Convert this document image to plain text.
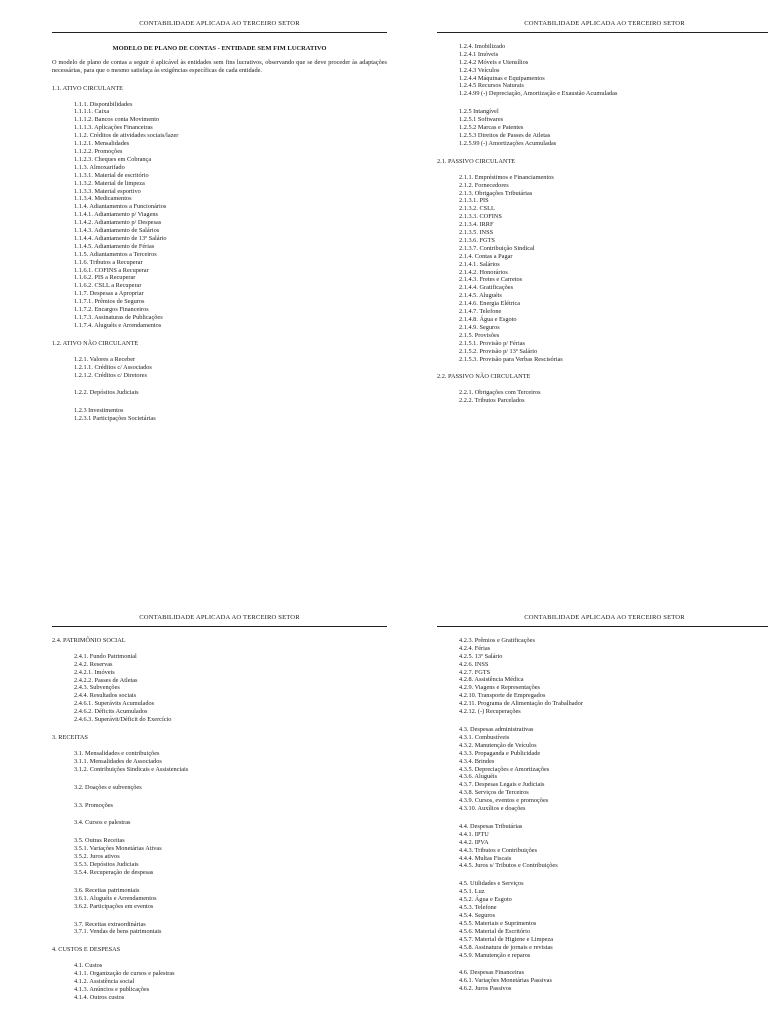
CONTABILIDADE APLICADA AO TERCEIRO SETOR
MODELO DE PLANO DE CONTAS - ENTIDADE SEM FIM LUCRATIVO
O modelo de plano de contas a seguir é aplicável às entidades sem fins lucrativos, observando que se deve proceder às adaptações necessárias, para que o mesmo satisfaça às exigências específicas de cada entidade.
1.1. ATIVO CIRCULANTE
1.1.1. Disponibilidades
1.1.1.1. Caixa
1.1.1.2. Bancos conta Movimento
1.1.1.3. Aplicações Financeiras
1.1.2. Créditos de atividades sociais/lazer
1.1.2.1. Mensalidades
1.1.2.2. Promoções
1.1.2.3. Cheques em Cobrança
1.1.3. Almoxarifado
1.1.3.1. Material de escritório
1.1.3.2. Material de limpeza
1.1.3.3. Material esportivo
1.1.3.4. Medicamentos
1.1.4. Adiantamentos a Funcionários
1.1.4.1. Adiantamento p/ Viagens
1.1.4.2. Adiantamento p/ Despesas
1.1.4.3. Adiantamento de Salários
1.1.4.4. Adiantamento de 13º Salário
1.1.4.5. Adiantamento de Férias
1.1.5. Adiantamentos a Terceiros
1.1.6. Tributos a Recuperar
1.1.6.1. COFINS a Recuperar
1.1.6.2. PIS a Recuperar
1.1.6.2. CSLL a Recuperar
1.1.7. Despesas a Apropriar
1.1.7.1. Prêmios de Seguros
1.1.7.2. Encargos Financeiros
1.1.7.3. Assinaturas de Publicações
1.1.7.4. Aluguéis e Arrendamentos
1.2. ATIVO NÃO CIRCULANTE
1.2.1. Valores a Receber
1.2.1.1. Créditos c/ Associados
1.2.1.2. Créditos c/ Diretores
1.2.2. Depósitos Judiciais
1.2.3 Investimentos
1.2.3.1 Participações Societárias
CONTABILIDADE APLICADA AO TERCEIRO SETOR
1.2.4. Imobilizado
1.2.4.1 Imóveis
1.2.4.2 Móveis e Utensílios
1.2.4.3 Veículos
1.2.4.4 Máquinas e Equipamentos
1.2.4.5 Recursos Naturais
1.2.4.99 (-) Depreciação, Amortização e Exaustão Acumuladas
1.2.5 Intangível
1.2.5.1 Softwares
1.2.5.2 Marcas e Patentes
1.2.5.3 Direitos de Passes de Atletas
1.2.5.99 (-) Amortizações Acumuladas
2.1. PASSIVO CIRCULANTE
2.1.1. Empréstimos e Financiamentos
2.1.2. Fornecedores
2.1.3. Obrigações Tributárias
2.1.3.1. PIS
2.1.3.2. CSLL
2.1.3.3. COFINS
2.1.3.4. IRRF
2.1.3.5. INSS
2.1.3.6. FGTS
2.1.3.7. Contribuição Sindical
2.1.4. Contas a Pagar
2.1.4.1. Salários
2.1.4.2. Honorários
2.1.4.3. Fretes e Carretos
2.1.4.4. Gratificações
2.1.4.5. Aluguéis
2.1.4.6. Energia Elétrica
2.1.4.7. Telefone
2.1.4.8. Água e Esgoto
2.1.4.9. Seguros
2.1.5. Provisões
2.1.5.1. Provisão p/ Férias
2.1.5.2. Provisão p/ 13º Salário
2.1.5.3. Provisão para Verbas Rescisórias
2.2. PASSIVO NÃO CIRCULANTE
2.2.1. Obrigações com Terceiros
2.2.2. Tributos Parcelados
CONTABILIDADE APLICADA AO TERCEIRO SETOR
2.4. PATRIMÔNIO SOCIAL
2.4.1. Fundo Patrimonial
2.4.2. Reservas
2.4.2.1. Imóveis
2.4.2.2. Passes de Atletas
2.4.3. Subvenções
2.4.4. Resultados sociais
2.4.6.1. Superávits Acumulados
2.4.6.2. Déficits Acumulados
2.4.6.3. Superávit/Déficit do Exercício
3. RECEITAS
3.1. Mensalidades e contribuições
3.1.1. Mensalidades de Associados
3.1.2. Contribuições Sindicais e Assistenciais
3.2. Doações e subvenções
3.3. Promoções
3.4. Cursos e palestras
3.5. Outras Receitas
3.5.1. Variações Monetárias Ativas
3.5.2. Juros ativos
3.5.3. Depósitos Judiciais
3.5.4. Recuperação de despesas
3.6. Receitas patrimoniais
3.6.1. Aluguéis e Arrendamentos
3.6.2. Participações em eventos
3.7. Receitas extraordinárias
3.7.1. Vendas de bens patrimoniais
4. CUSTOS E DESPESAS
4.1. Custos
4.1.1. Organização de cursos e palestras
4.1.2. Assistência social
4.1.3. Anúncios e publicações
4.1.4. Outros custos
CONTABILIDADE APLICADA AO TERCEIRO SETOR
4.2.3. Prêmios e Gratificações
4.2.4. Férias
4.2.5. 13º Salário
4.2.6. INSS
4.2.7. FGTS
4.2.8. Assistência Médica
4.2.9. Viagens e Representações
4.2.10. Transporte de Empregados
4.2.11. Programa de Alimentação do Trabalhador
4.2.12. (-) Recuperações
4.3. Despesas administrativas
4.3.1. Combustíveis
4.3.2. Manutenção de Veículos
4.3.3. Propaganda e Publicidade
4.3.4. Brindes
4.3.5. Depreciações e Amortizações
4.3.6. Aluguéis
4.3.7. Despesas Legais e Judiciais
4.3.8. Serviços de Terceiros
4.3.9. Cursos, eventos e promoções
4.3.10. Auxílios e doações
4.4. Despesas Tributárias
4.4.1. IPTU
4.4.2. IPVA
4.4.3. Tributos e Contribuições
4.4.4. Multas Fiscais
4.4.5. Juros s/ Tributos e Contribuições
4.5. Utilidades e Serviços
4.5.1. Luz
4.5.2. Água e Esgoto
4.5.3. Telefone
4.5.4. Seguros
4.5.5. Materiais e Suprimentos
4.5.6. Material de Escritório
4.5.7. Material de Higiene e Limpeza
4.5.8. Assinatura de jornais e revistas
4.5.9. Manutenção e reparos
4.6. Despesas Financeiras
4.6.1. Variações Monetárias Passivas
4.6.2. Juros Passivos
